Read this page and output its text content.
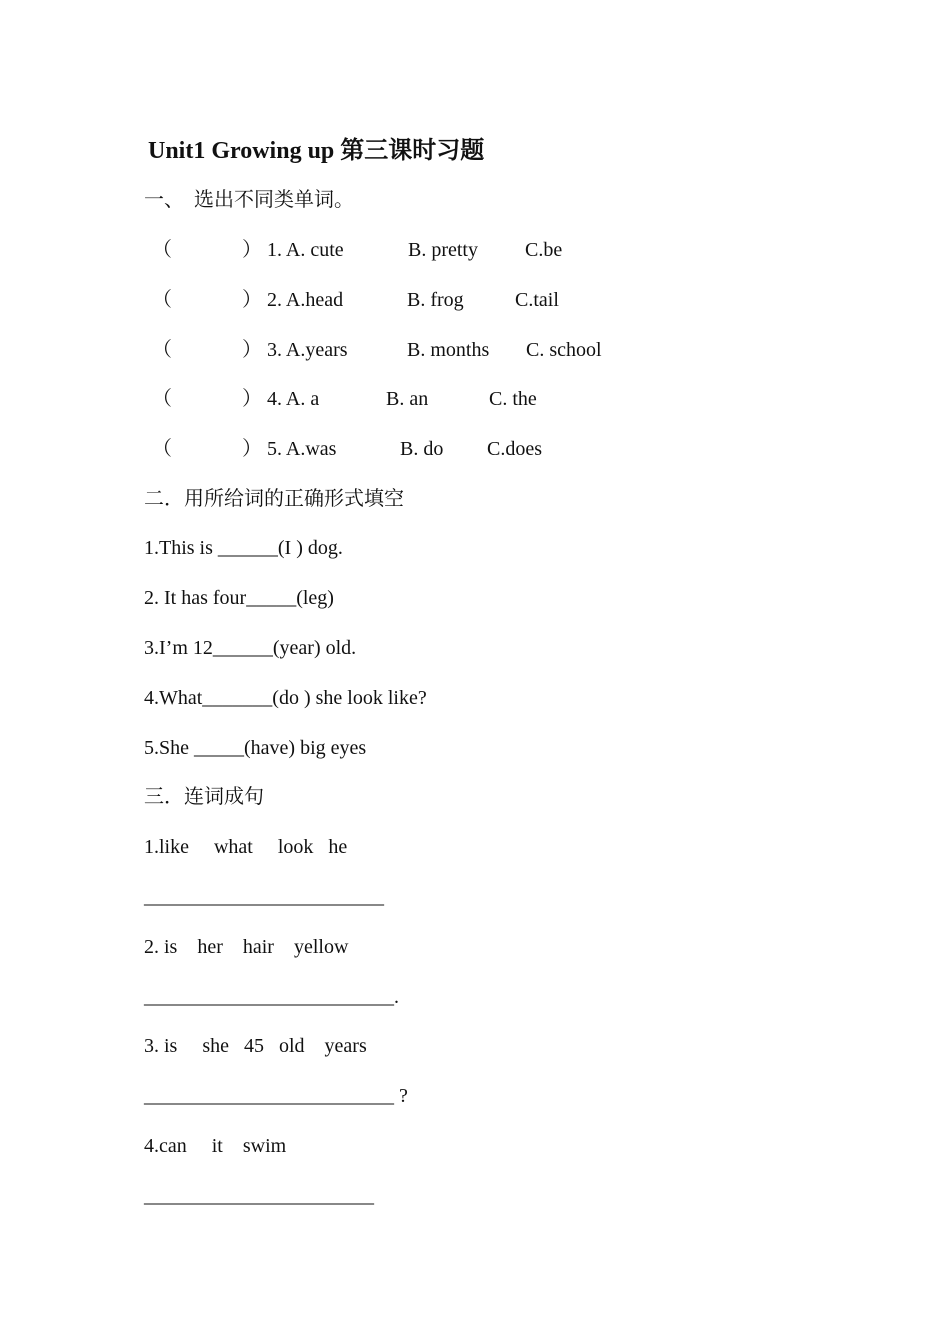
Unit1 Growing up 第三课时习题
一、  选出不同类单词。
（	） 1. A. cute	B. pretty C.be
（	） 2. A.head	B. frog	C.tail
（	） 3. A.years	B. months C. school
（	） 4. A. a	B. an	C. the
（	） 5. A.was	B. do C.does
二．用所给词的正确形式填空
1.This is ______(I ) dog.
2. It has four_____(leg)
3.I’m 12______(year) old.
4.What_______(do ) she look like?
5.She _____(have) big eyes
三．连词成句
1.like     what     look   he
________________________
2. is    her    hair    yellow
_________________________.
3. is     she   45   old    years
_________________________ ?
4.can     it    swim
_______________________
